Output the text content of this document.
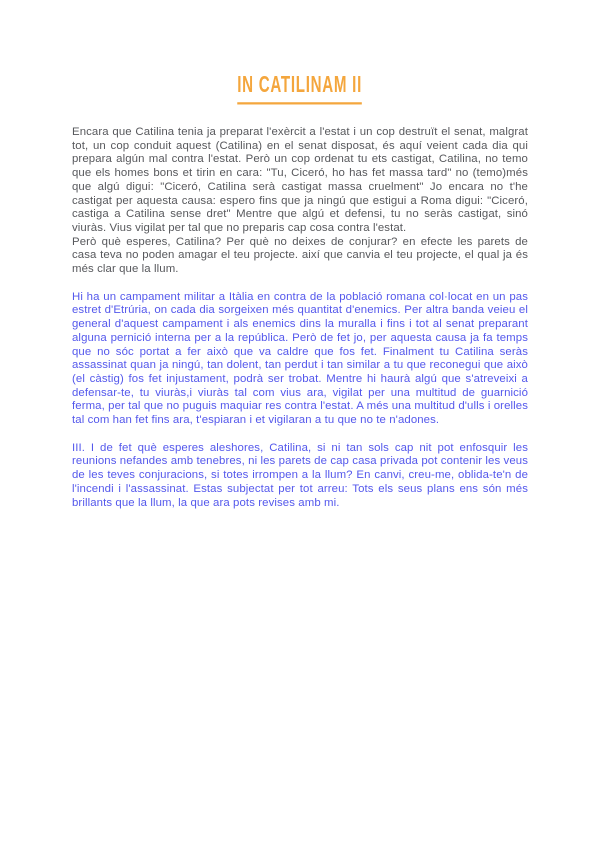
IN CATILINAM II

Encara que Catilina tenia ja preparat l'exèrcit a l'estat i un cop destruït el senat, malgrat tot, un cop conduit aquest (Catilina) en el senat disposat, és aquí veient cada dia qui prepara algún mal contra l'estat. Però un cop ordenat tu ets castigat, Catilina, no temo que els homes bons et tirin en cara: "Tu, Ciceró, ho has fet massa tard" no (temo)més que algú digui: "Ciceró, Catilina serà castigat massa cruelment" Jo encara no t'he castigat per aquesta causa: espero fins que ja ningú que estigui a Roma digui: "Ciceró, castiga a Catilina sense dret" Mentre que algú et defensi, tu no seràs castigat, sinó viuràs. Vius vigilat per tal que no preparis cap cosa contra l'estat.

Però què esperes, Catilina? Per què no deixes de conjurar? en efecte les parets de casa teva no poden amagar el teu projecte. així que canvia el teu projecte, el qual ja és més clar que la llum.

Hi ha un campament militar a Itàlia en contra de la població romana col·locat en un pas estret d'Etrúria, on cada dia sorgeixen més quantitat d'enemics. Per altra banda veieu el general d'aquest campament i als enemics dins la muralla i fins i tot al senat preparant alguna pernició interna per a la república. Però de fet jo, per aquesta causa ja fa temps que no sóc portat a fer això que va caldre que fos fet. Finalment tu Catilina seràs assassinat quan ja ningú, tan dolent, tan perdut i tan similar a tu que reconegui que això (el càstig) fos fet injustament, podrà ser trobat. Mentre hi haurà algú que s'atreveixi a defensar-te, tu viuràs,i viuràs tal com vius ara, vigilat per una multitud de guarnició ferma, per tal que no puguis maquiar res contra l'estat. A més una multitud d'ulls i orelles tal com han fet fins ara, t'espiaran i et vigilaran a tu que no te n'adones.

III. I de fet què esperes aleshores, Catilina, si ni tan sols cap nit pot enfosquir les reunions nefandes amb tenebres, ni les parets de cap casa privada pot contenir les veus de les teves conjuracions, si totes irrompen a la llum? En canvi, creu-me, oblida-te'n de l'incendi i l'assassinat. Estas subjectat per tot arreu: Tots els seus plans ens són més brillants que la llum, la que ara pots revises amb mi.
